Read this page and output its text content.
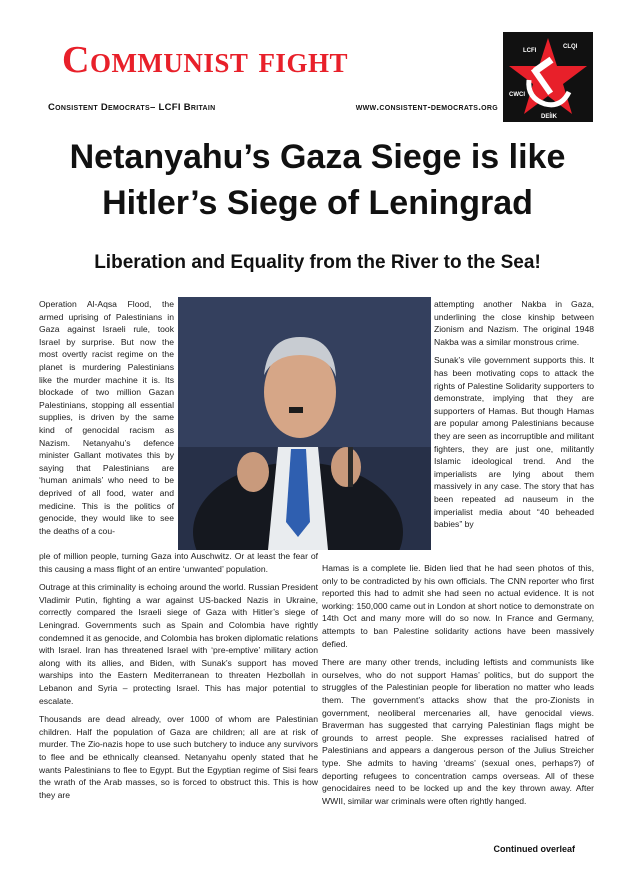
Communist fight
Consistent Democrats– LCFI Britain	www.consistent-democrats.org
LCFI
CLQI
CWCI
DEÍIK
Netanyahu’s Gaza Siege is like
Hitler’s Siege of Leningrad
Liberation and Equality from the River to the Sea!

Operation Al-Aqsa Flood, the armed uprising of Palestinians in Gaza against Israeli rule, took Israel by surprise. But now the most overtly racist regime on the planet is murdering Palestinians like the murder machine it is. Its blockade of two million Gazan Palestinians, stopping all essential supplies, is driven by the same kind of genocidal racism as Nazism. Netanyahu’s defence minister Gallant motivates this by saying that Palestinians are ‘human animals’ who need to be deprived of all food, water and medicine. This is the politics of genocide, they would like to see the deaths of a cou-

ple of million people, turning Gaza into Auschwitz. Or at least the fear of this causing a mass flight of an entire ‘unwanted’ population.

Outrage at this criminality is echoing around the world. Russian President Vladimir Putin, fighting a war against US-backed Nazis in Ukraine, correctly compared the Israeli siege of Gaza with Hitler’s siege of Leningrad. Governments such as Spain and Colombia have rightly condemned it as genocide, and Colombia has broken diplomatic relations with Israel. Iran has threatened Israel with ‘pre-emptive’ military action along with its allies, and Biden, with Sunak’s support has moved warships into the Eastern Mediterranean to threaten Hezbollah in Lebanon and Syria – protecting Israel. This has major potential to escalate.

Thousands are dead already, over 1000 of whom are Palestinian children. Half the population of Gaza are children; all are at risk of murder. The Zio-nazis hope to use such butchery to induce any survivors to flee and be ethnically cleansed. Netanyahu openly stated that he wants Palestinians to flee to Egypt. But the Egyptian regime of Sisi fears the wrath of the Arab masses, so is forced to obstruct this. This is how they are

attempting another Nakba in Gaza, underlining the close kinship between Zionism and Nazism. The original 1948 Nakba was a similar monstrous crime.

Sunak’s vile government supports this. It has been motivating cops to attack the rights of Palestine Solidarity supporters to demonstrate, implying that they are supporters of Hamas. But though Hamas are popular among Palestinians because they are seen as incorruptible and militant fighters, they are just one, militantly Islamic ideological trend. And the imperialists are lying about them massively in any case. The story that has been repeated ad nauseum in the imperialist media about “40 beheaded babies” by

Hamas is a complete lie. Biden lied that he had seen photos of this, only to be contradicted by his own officials. The CNN reporter who first reported this had to admit she had seen no actual evidence. It is not working: 150,000 came out in London at short notice to demonstrate on 14th Oct and many more will do so now. In France and Germany, attempts to ban Palestine solidarity actions have been massively defied.

There are many other trends, including leftists and communists like ourselves, who do not support Hamas’ politics, but do support the struggles of the Palestinian people for liberation no matter who leads them. The government’s attacks show that the pro-Zionists in government, neoliberal mercenaries all, have genocidal views. Braverman has suggested that carrying Palestinian flags might be grounds to arrest people. She expresses racialised hatred of Palestinians and appears a dangerous person of the Julius Streicher type. She admits to having ‘dreams’ (sexual ones, perhaps?) of deporting refugees to concentration camps overseas. All of these genocidaires need to be locked up and the key thrown away. After WWII, similar war criminals were often rightly hanged.

Continued overleaf
